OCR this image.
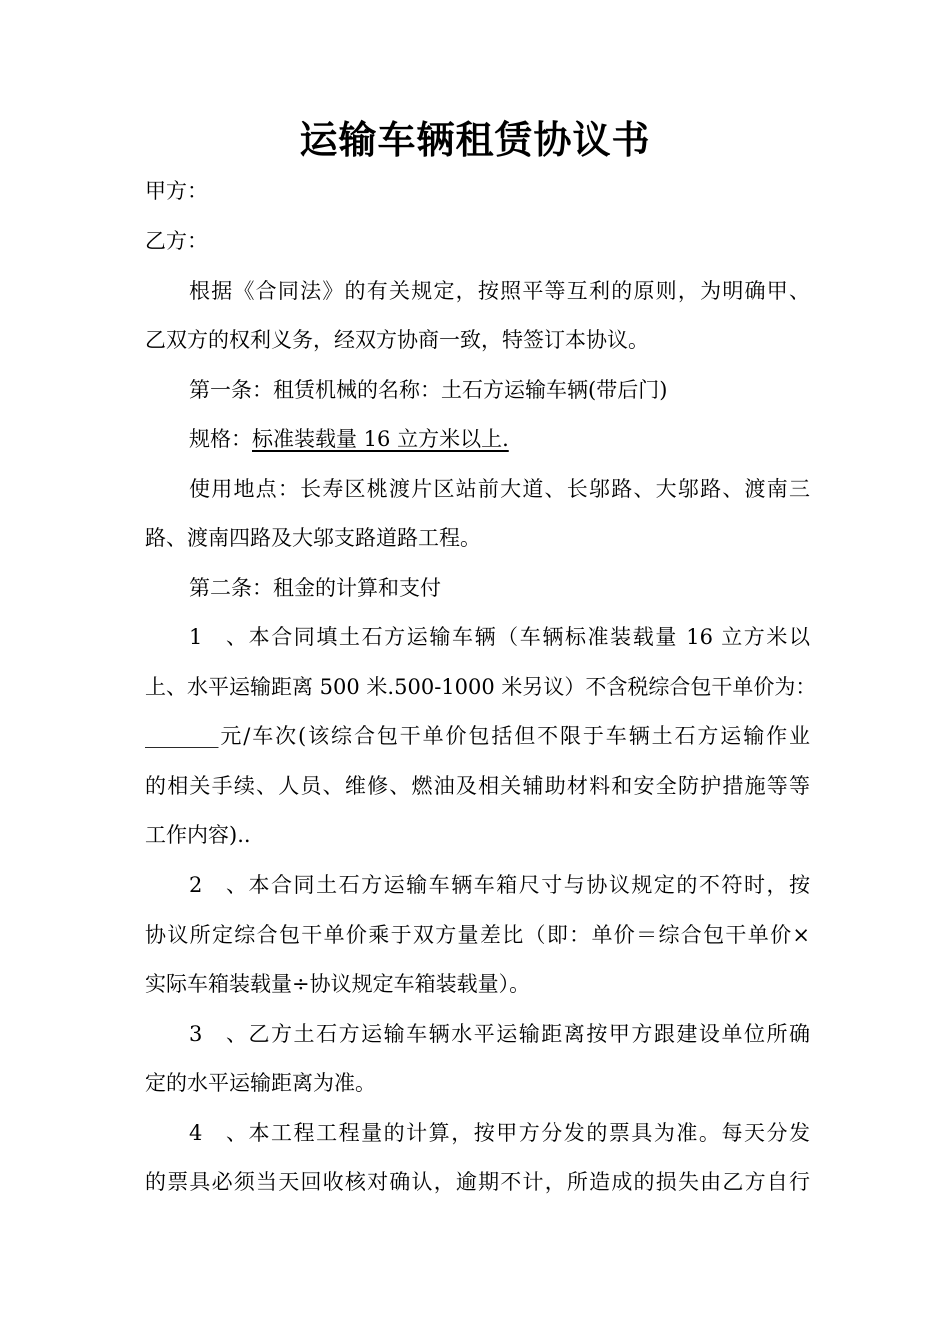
运输车辆租赁协议书
甲方：
乙方：
根据《合同法》的有关规定，按照平等互利的原则，为明确甲、
乙双方的权利义务，经双方协商一致，特签订本协议。
第一条：租赁机械的名称：土石方运输车辆(带后门)
规格：标准装载量 16 立方米以上.
使用地点：长寿区桃渡片区站前大道、长邬路、大邬路、渡南三
路、渡南四路及大邬支路道路工程。
第二条：租金的计算和支付
1、本合同填土石方运输车辆（车辆标准装载量 16 立方米以
上、水平运输距离 500 米.500-1000 米另议）不含税综合包干单价为：
_______元/车次(该综合包干单价包括但不限于车辆土石方运输作业
的相关手续、人员、维修、燃油及相关辅助材料和安全防护措施等等
工作内容)..
2、本合同土石方运输车辆车箱尺寸与协议规定的不符时，按
协议所定综合包干单价乘于双方量差比（即：单价＝综合包干单价×
实际车箱装载量÷协议规定车箱装载量）。
3、乙方土石方运输车辆水平运输距离按甲方跟建设单位所确
定的水平运输距离为准。
4、本工程工程量的计算，按甲方分发的票具为准。每天分发
的票具必须当天回收核对确认，逾期不计，所造成的损失由乙方自行
